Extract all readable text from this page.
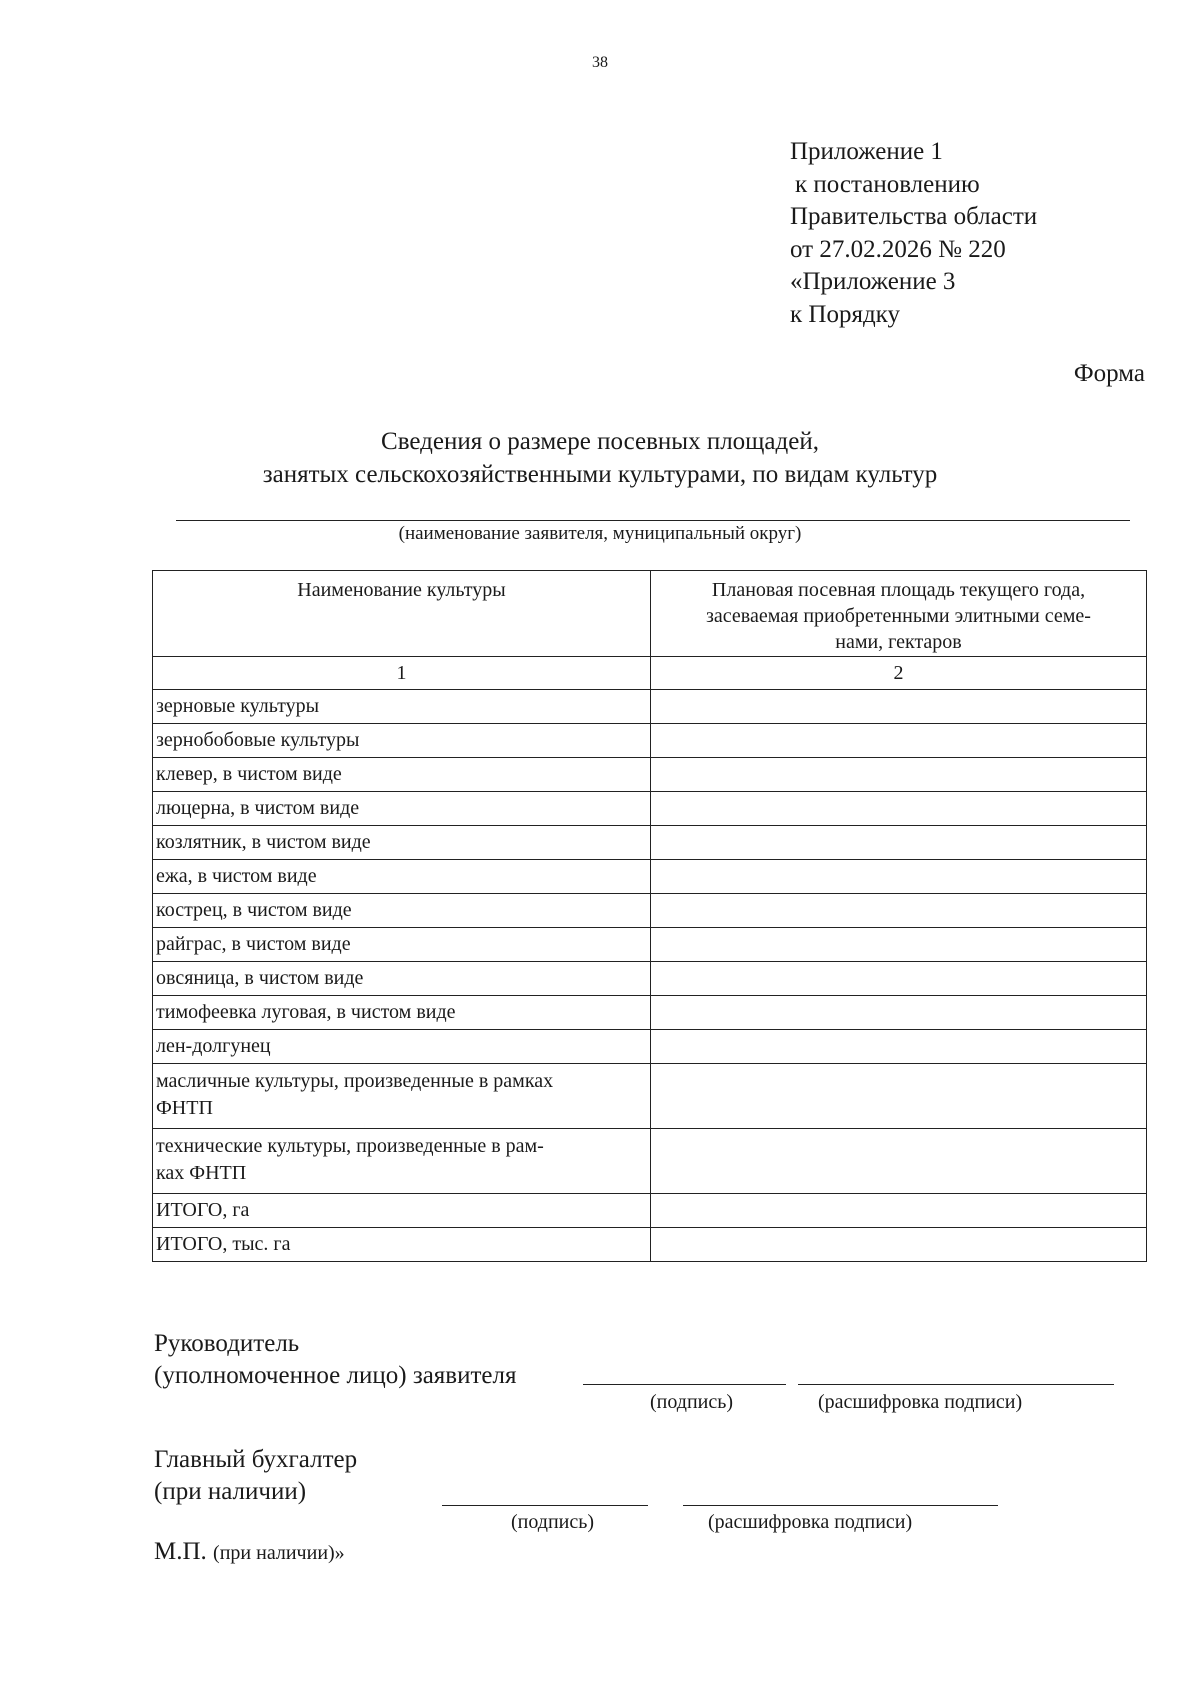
38
Приложение 1
к постановлению
Правительства области
от 27.02.2026 № 220
«Приложение 3
к Порядку
Форма
Сведения о размере посевных площадей,
занятых сельскохозяйственными культурами, по видам культур
(наименование заявителя, муниципальный округ)
Наименование культуры	Плановая посевная площадь текущего года,
засеваемая приобретенными элитными семе-
нами, гектаров

1	2
зерновые культуры	
зернобобовые культуры	
клевер, в чистом виде	
люцерна, в чистом виде	
козлятник, в чистом виде	
ежа, в чистом виде	
кострец, в чистом виде	
райграс, в чистом виде	
овсяница, в чистом виде	
тимофеевка луговая, в чистом виде	
лен-долгунец	

масличные культуры, произведенные в рамках
ФНТП	

технические культуры, произведенные в рам-
ках ФНТП	

ИТОГО, га	
ИТОГО, тыс. га	
Руководитель
(уполномоченное лицо) заявителя
(подпись)	(расшифровка подписи)
Главный бухгалтер
(при наличии)
(подпись)	(расшифровка подписи)
М.П. (при наличии)»
